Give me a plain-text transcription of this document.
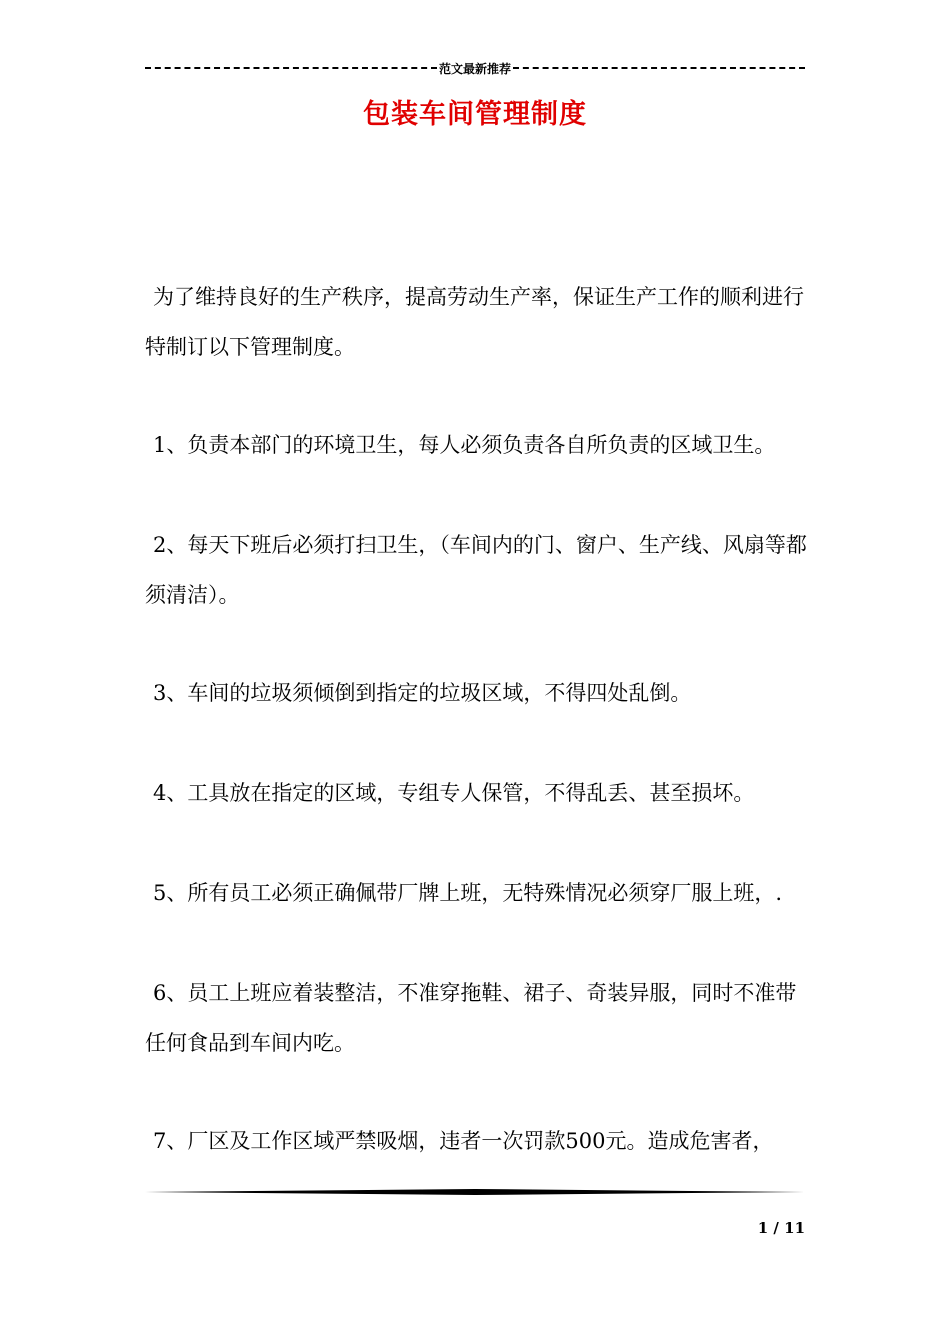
范文最新推荐
包装车间管理制度

为了维持良好的生产秩序，提高劳动生产率，保证生产工作的顺利进行特制订以下管理制度。

1、负责本部门的环境卫生，每人必须负责各自所负责的区域卫生。

2、每天下班后必须打扫卫生，（车间内的门、窗户、生产线、风扇等都须清洁）。

3、车间的垃圾须倾倒到指定的垃圾区域，不得四处乱倒。

4、工具放在指定的区域，专组专人保管，不得乱丢、甚至损坏。

5、所有员工必须正确佩带厂牌上班，无特殊情况必须穿厂服上班，.

6、员工上班应着装整洁，不准穿拖鞋、裙子、奇装异服，同时不准带任何食品到车间内吃。

7、厂区及工作区域严禁吸烟，违者一次罚款500元。造成危害者，

1 / 11
